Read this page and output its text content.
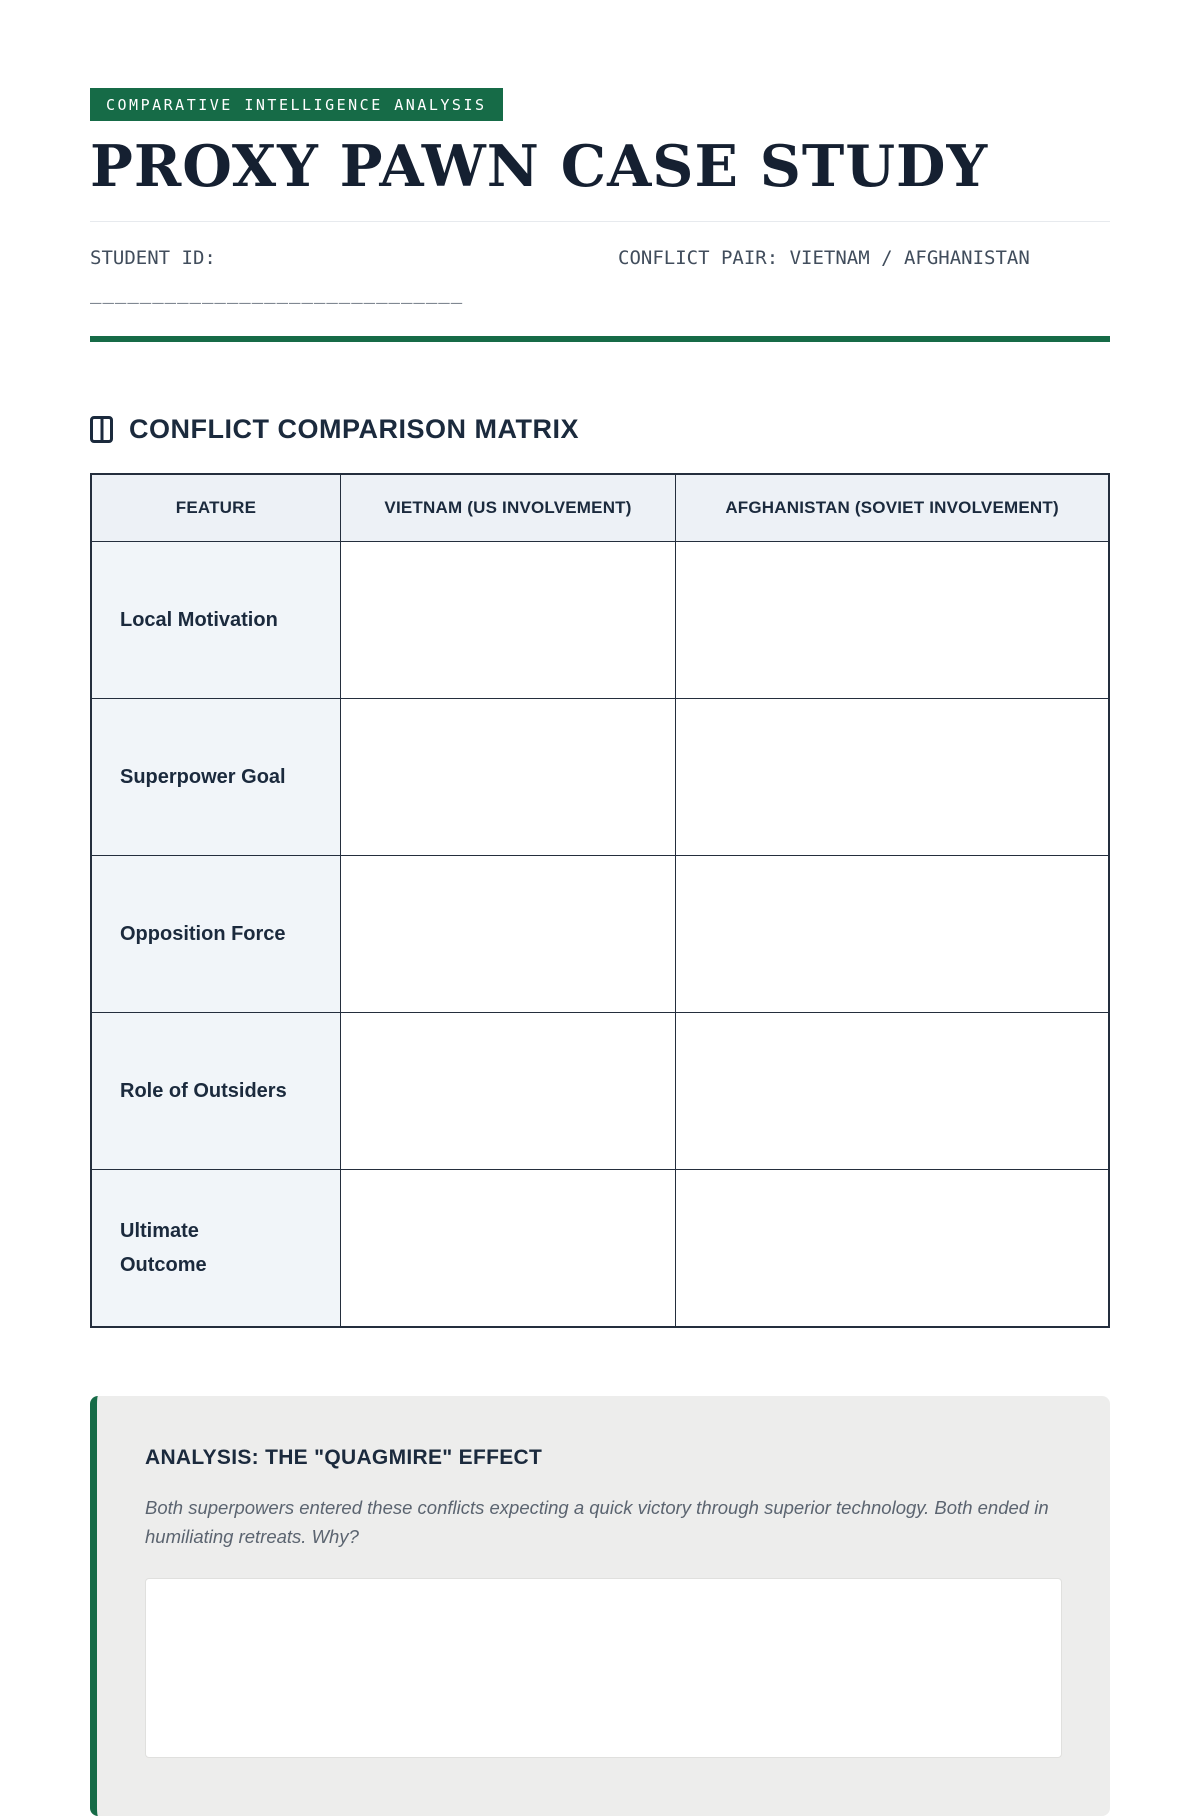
COMPARATIVE INTELLIGENCE ANALYSIS
PROXY PAWN CASE STUDY
STUDENT ID:
______________________________
CONFLICT PAIR: VIETNAM / AFGHANISTAN
CONFLICT COMPARISON MATRIX
FEATURE	VIETNAM (US INVOLVEMENT)	AFGHANISTAN (SOVIET INVOLVEMENT)
Local Motivation
Superpower Goal
Opposition Force
Role of Outsiders
Ultimate Outcome
ANALYSIS: THE "QUAGMIRE" EFFECT

Both superpowers entered these conflicts expecting a quick victory through superior technology. Both ended in humiliating retreats. Why?
